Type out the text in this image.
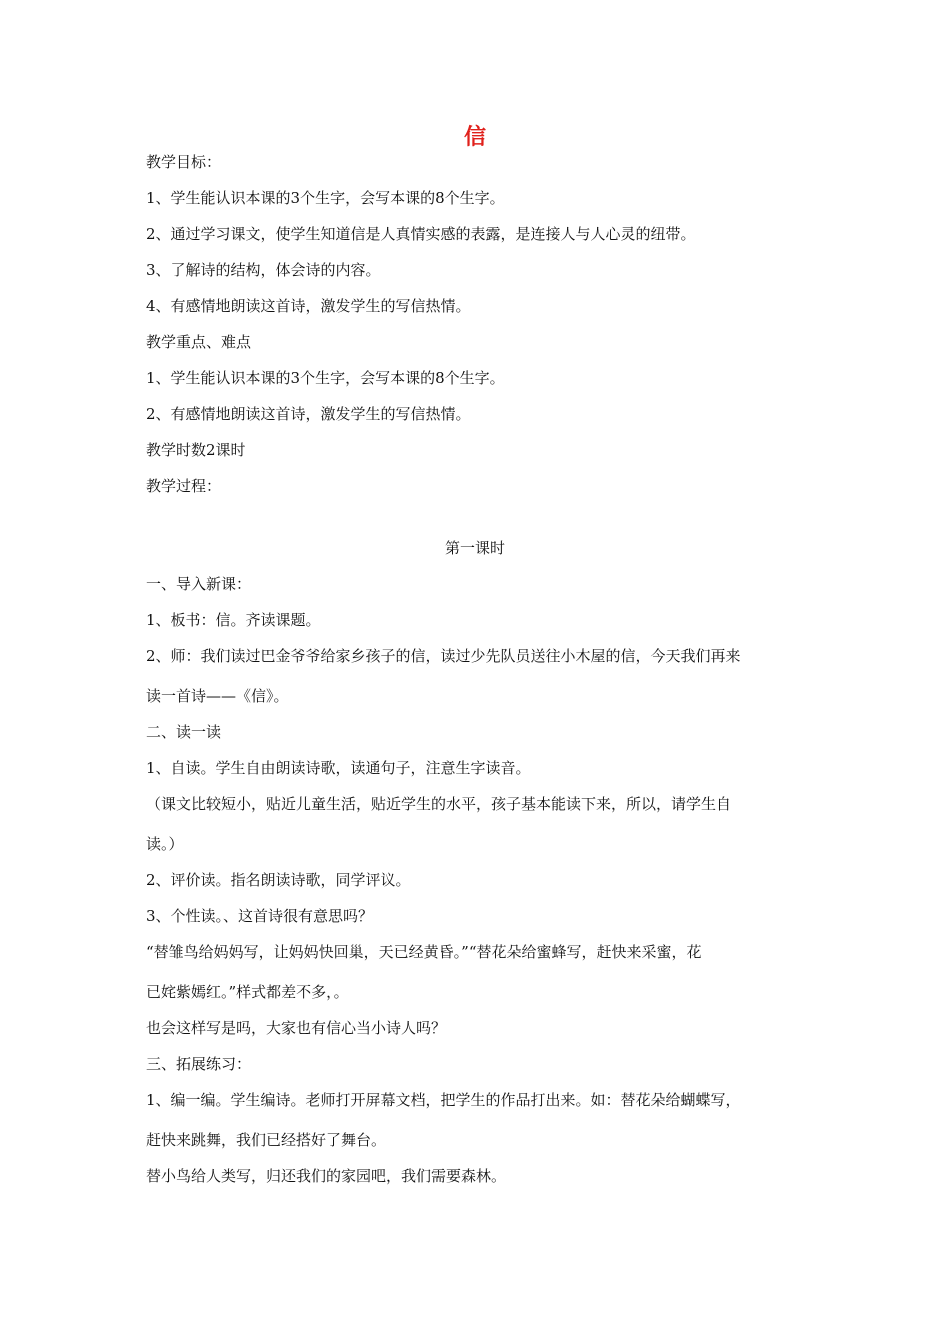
信
教学目标：
1、学生能认识本课的3个生字，会写本课的8个生字。
2、通过学习课文，使学生知道信是人真情实感的表露，是连接人与人心灵的纽带。
3、了解诗的结构，体会诗的内容。
4、有感情地朗读这首诗，激发学生的写信热情。
教学重点、难点
1、学生能认识本课的3个生字，会写本课的8个生字。
2、有感情地朗读这首诗，激发学生的写信热情。
教学时数2课时
教学过程：
第一课时
一、导入新课：
1、板书：信。齐读课题。
2、师：我们读过巴金爷爷给家乡孩子的信，读过少先队员送往小木屋的信，今天我们再来
读一首诗——《信》。
二、读一读
1、自读。学生自由朗读诗歌，读通句子，注意生字读音。
（课文比较短小，贴近儿童生活，贴近学生的水平，孩子基本能读下来，所以，请学生自
读。）
2、评价读。指名朗读诗歌，同学评议。
3、个性读。、这首诗很有意思吗？
“替雏鸟给妈妈写，让妈妈快回巢，天已经黄昏。”“替花朵给蜜蜂写，赶快来采蜜，花
已姹紫嫣红。”样式都差不多，。
也会这样写是吗，大家也有信心当小诗人吗？
三、拓展练习：
1、编一编。学生编诗。老师打开屏幕文档，把学生的作品打出来。如：替花朵给蝴蝶写，
赶快来跳舞，我们已经搭好了舞台。
替小鸟给人类写，归还我们的家园吧，我们需要森林。
